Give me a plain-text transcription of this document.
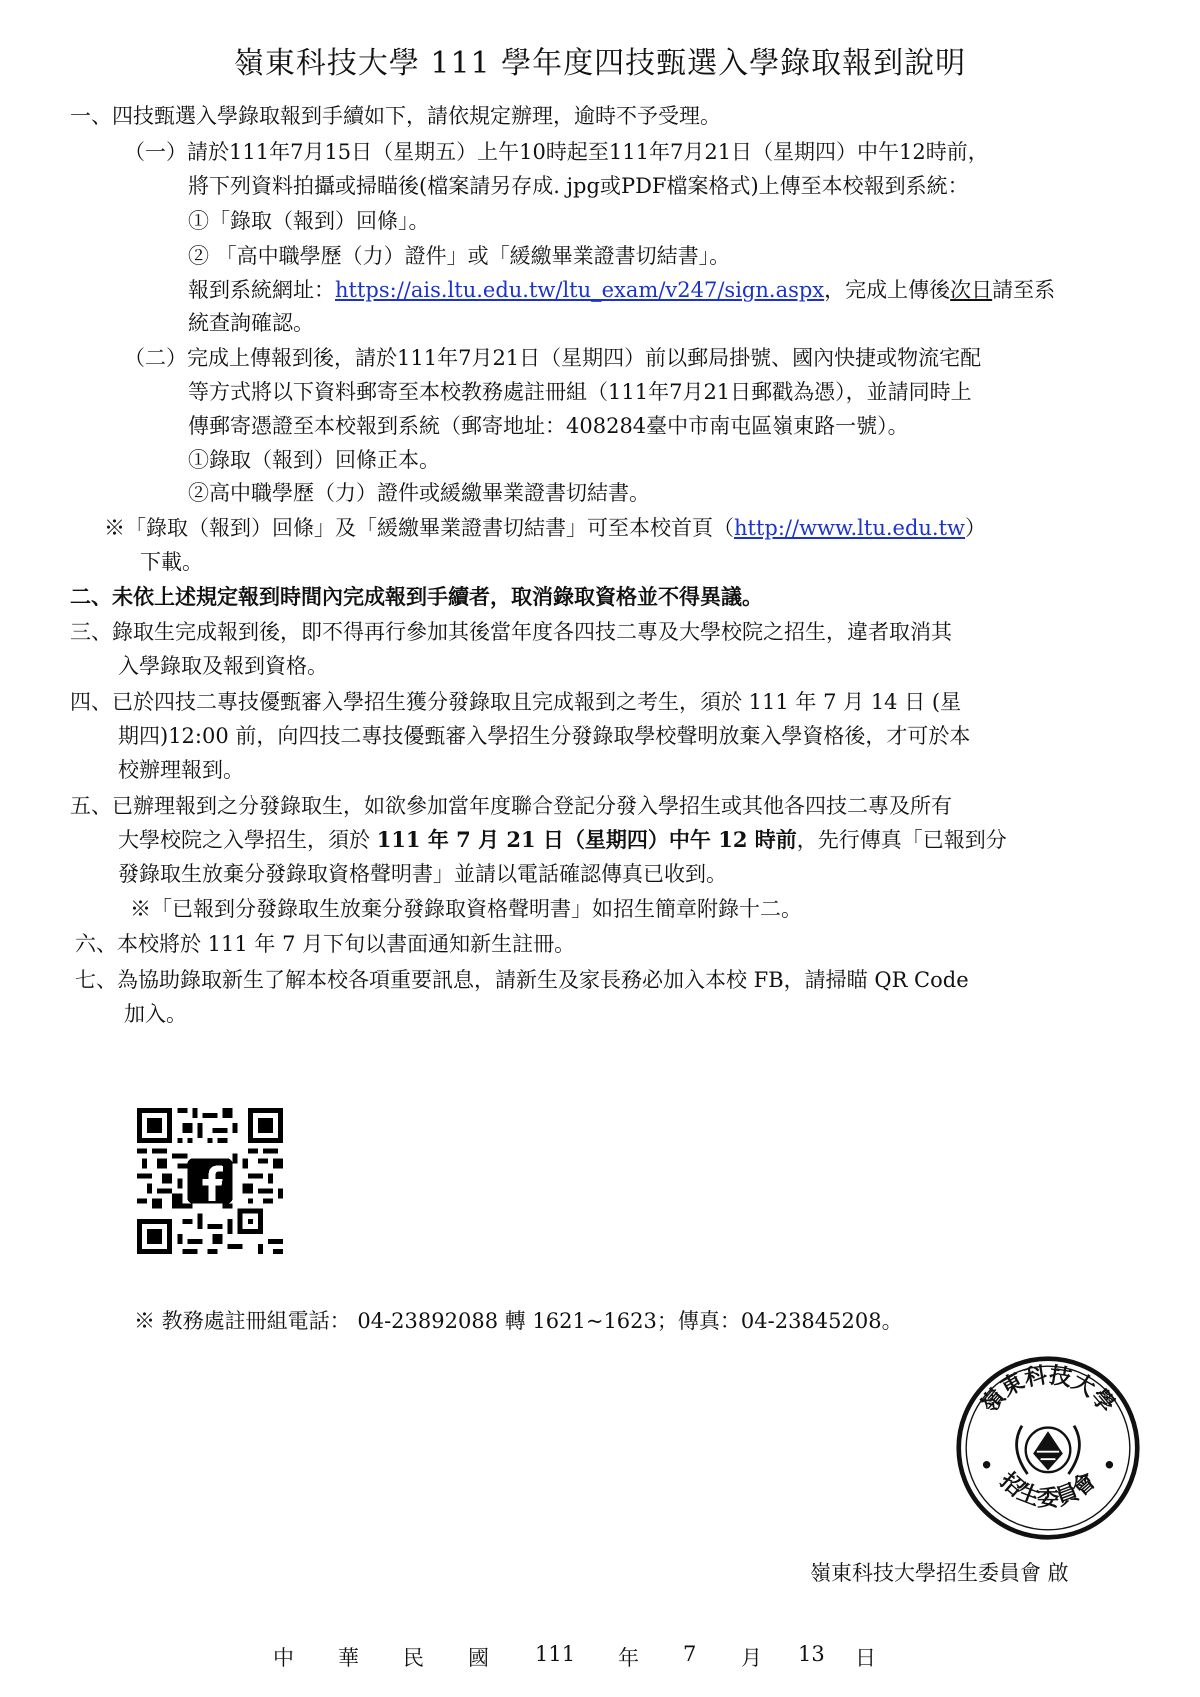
嶺東科技大學 111 學年度四技甄選入學錄取報到說明
一、四技甄選入學錄取報到手續如下，請依規定辦理，逾時不予受理。
（一）請於111年7月15日（星期五）上午10時起至111年7月21日（星期四）中午12時前，
將下列資料拍攝或掃瞄後(檔案請另存成. jpg或PDF檔案格式)上傳至本校報到系統：
①「錄取（報到）回條」。
② 「高中職學歷（力）證件」或「緩繳畢業證書切結書」。
報到系統網址：https://ais.ltu.edu.tw/ltu_exam/v247/sign.aspx，完成上傳後次日請至系
統查詢確認。
（二）完成上傳報到後，請於111年7月21日（星期四）前以郵局掛號、國內快捷或物流宅配
等方式將以下資料郵寄至本校教務處註冊組（111年7月21日郵戳為憑），並請同時上
傳郵寄憑證至本校報到系統（郵寄地址：408284臺中市南屯區嶺東路一號）。
①錄取（報到）回條正本。
②高中職學歷（力）證件或緩繳畢業證書切結書。
※「錄取（報到）回條」及「緩繳畢業證書切結書」可至本校首頁（http://www.ltu.edu.tw）
下載。
二、未依上述規定報到時間內完成報到手續者，取消錄取資格並不得異議。
三、錄取生完成報到後，即不得再行參加其後當年度各四技二專及大學校院之招生，違者取消其
入學錄取及報到資格。
四、已於四技二專技優甄審入學招生獲分發錄取且完成報到之考生，須於 111 年 7 月 14 日 (星
期四)12:00 前，向四技二專技優甄審入學招生分發錄取學校聲明放棄入學資格後，才可於本
校辦理報到。
五、已辦理報到之分發錄取生，如欲參加當年度聯合登記分發入學招生或其他各四技二專及所有
大學校院之入學招生，須於 111 年 7 月 21 日（星期四）中午 12 時前，先行傳真「已報到分
發錄取生放棄分發錄取資格聲明書」並請以電話確認傳真已收到。
※「已報到分發錄取生放棄分發錄取資格聲明書」如招生簡章附錄十二。
六、本校將於 111 年 7 月下旬以書面通知新生註冊。
七、為協助錄取新生了解本校各項重要訊息，請新生及家長務必加入本校 FB，請掃瞄 QR Code
加入。
※ 教務處註冊組電話： 04-23892088 轉 1621~1623；傳真：04-23845208。
嶺東科技大學
招生委員會
嶺東科技大學招生委員會 啟
中 華 民 國 111 年 7 月 13 日
